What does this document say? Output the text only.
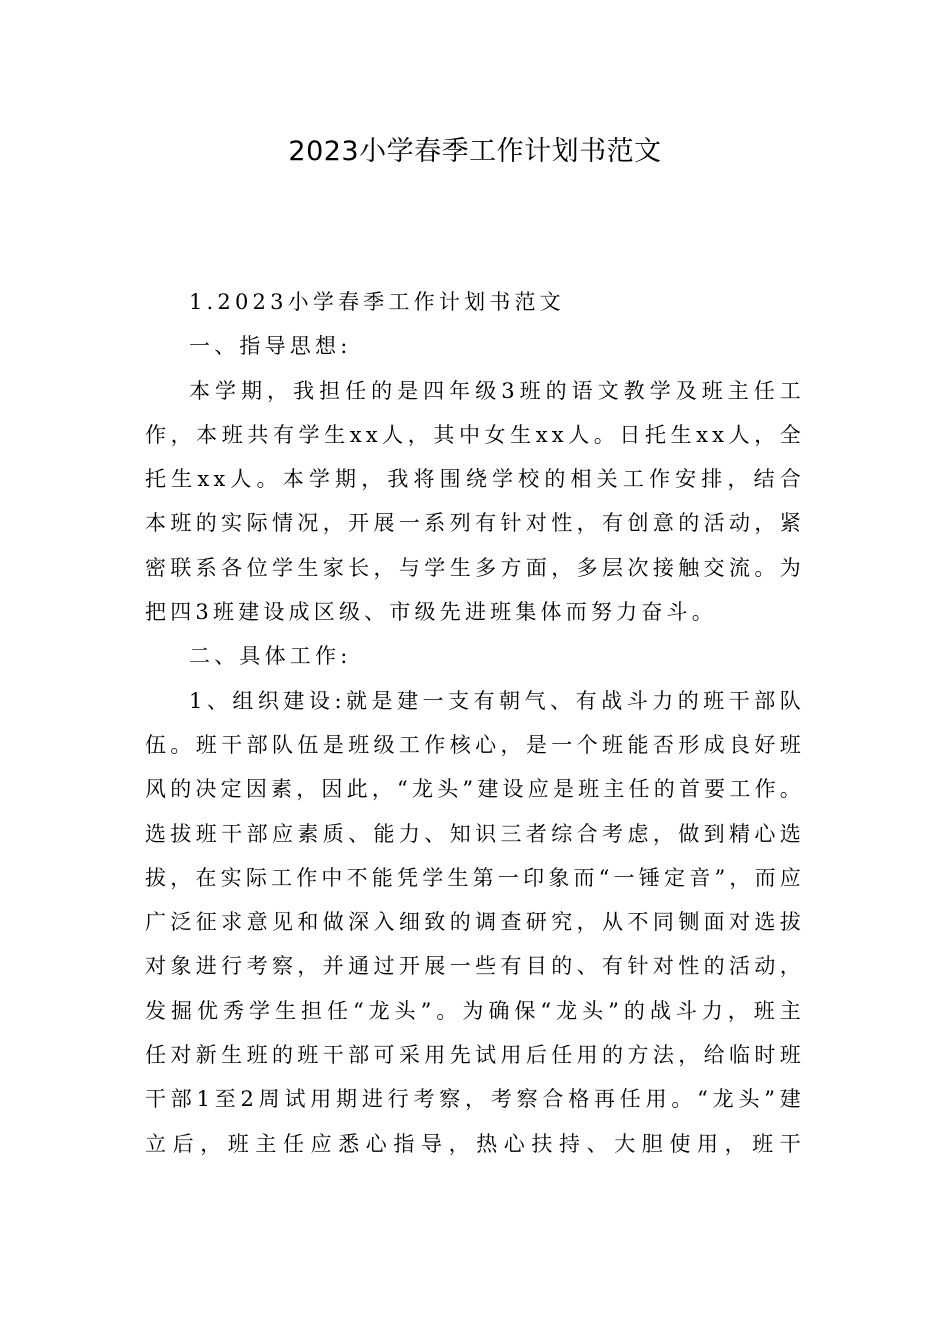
2023小学春季工作计划书范文

1.2023小学春季工作计划书范文

一、指导思想:

本学期，我担任的是四年级3班的语文教学及班主任工作，本班共有学生xx人，其中女生xx人。日托生xx人，全托生xx人。本学期，我将围绕学校的相关工作安排，结合本班的实际情况，开展一系列有针对性，有创意的活动，紧密联系各位学生家长，与学生多方面，多层次接触交流。为把四3班建设成区级、市级先进班集体而努力奋斗。

二、具体工作:

1、组织建设:就是建一支有朝气、有战斗力的班干部队伍。班干部队伍是班级工作核心，是一个班能否形成良好班风的决定因素，因此，“龙头”建设应是班主任的首要工作。选拔班干部应素质、能力、知识三者综合考虑，做到精心选拔，在实际工作中不能凭学生第一印象而“一锤定音”，而应广泛征求意见和做深入细致的调查研究，从不同铡面对选拔对象进行考察，并通过开展一些有目的、有针对性的活动，发掘优秀学生担任“龙头”。为确保“龙头”的战斗力，班主任对新生班的班干部可采用先试用后任用的方法，给临时班干部1至2周试用期进行考察，考察合格再任用。“龙头”建立后，班主任应悉心指导，热心扶持、大胆使用，班干
